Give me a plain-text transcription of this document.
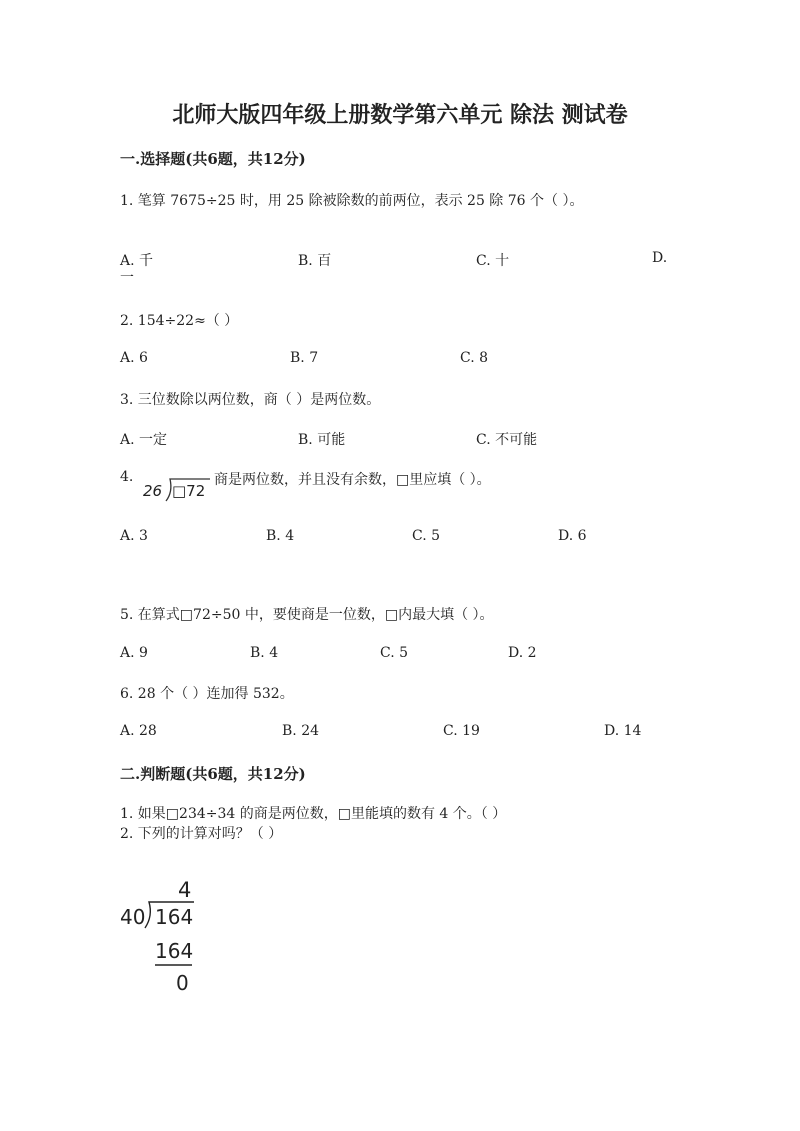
北师大版四年级上册数学第六单元 除法 测试卷
一.选择题(共6题，共12分)
1. 笔算 7675÷25 时，用 25 除被除数的前两位，表示 25 除 76 个（ ）。
A. 千	B. 百	C. 十	D.
一
2. 154÷22≈（ ）
A. 6	B. 7	C. 8
3. 三位数除以两位数，商（ ）是两位数。
A. 一定	B. 可能	C. 不可能
4.
26 □72
商是两位数，并且没有余数，□里应填（ ）。
A. 3	B. 4	C. 5	D. 6
5. 在算式□72÷50 中，要使商是一位数，□内最大填（ ）。
A. 9	B. 4	C. 5	D. 2
6. 28 个（ ）连加得 532。
A. 28	B. 24	C. 19	D. 14
二.判断题(共6题，共12分)
1. 如果□234÷34 的商是两位数，□里能填的数有 4 个。（ ）
2. 下列的计算对吗？（ ）
4
40 164
164
0
